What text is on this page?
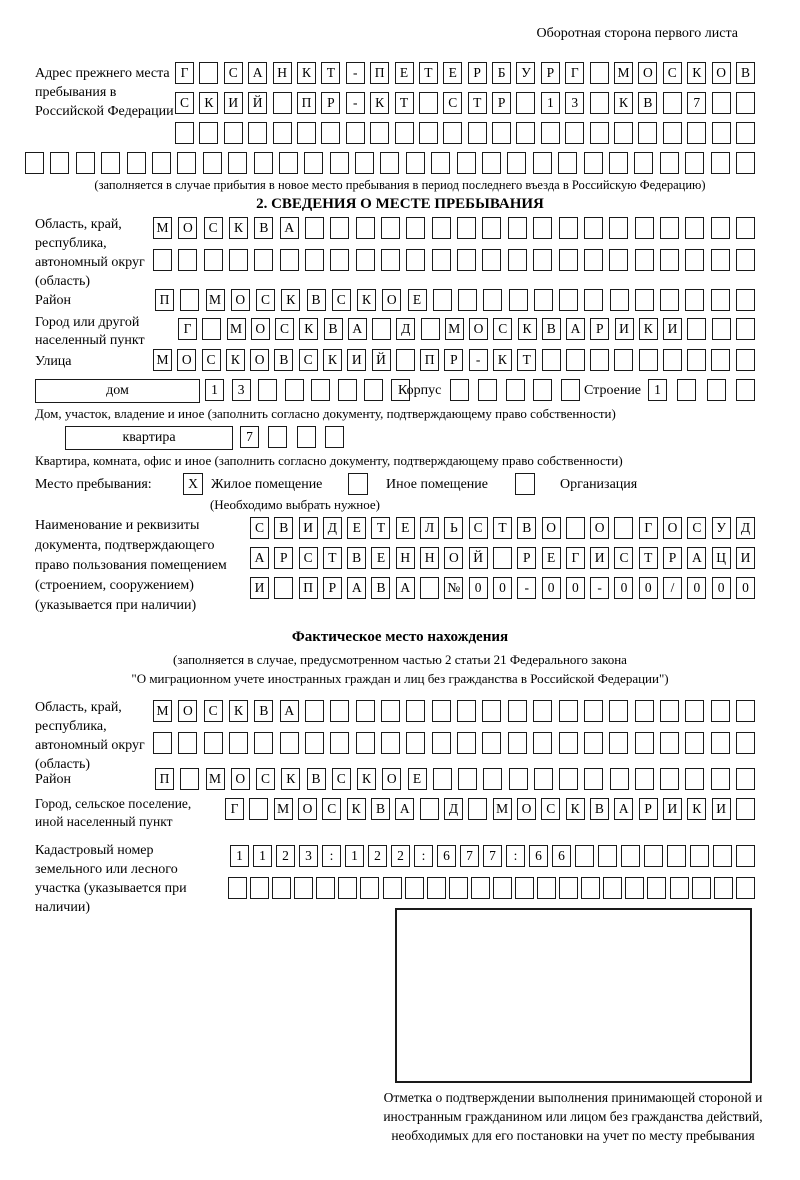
Оборотная сторона первого листа
Адрес прежнего места пребывания в Российской Федерации
Г	С	А	Н	К	Т	-	П	Е	Т	Е	Р	Б	У	Р	Г	М	О	С	К	О	В
С	К	И	Й	П	Р	-	К	Т	С	Т	Р	1	3	К	В	7
(заполняется в случае прибытия в новое место пребывания в период последнего въезда в Российскую Федерацию)
2. СВЕДЕНИЯ О МЕСТЕ ПРЕБЫВАНИЯ
Область, край, республика, автономный округ (область)
М	О	С	К	В	А
Район	П	М	О	С	К	В	С	К	О	Е
Город или другой населенный пункт
Г	М О	С	К	В	А	Д	М О	С	К	В	А	Р	И	К	И
Улица	М О	С	К	О	В	С	К	И	Й	П	Р	-	К	Т
дом	1	3	Корпус	Строение 1
Дом, участок, владение и иное (заполнить согласно документу, подтверждающему право собственности)
квартира	7
Квартира, комната, офис и иное (заполнить согласно документу, подтверждающему право собственности)
Место пребывания:	X Жилое помещение	Иное помещение	Организация
(Необходимо выбрать нужное)
Наименование и реквизиты документа, подтверждающего право пользования помещением (строением, сооружением) (указывается при наличии)
С	В	И	Д	Е	Т	Е	Л	Ь	С	Т	В	О	О	Г	О	С	У	Д
А	Р	С	Т	В	Е	Н	Н	О	Й	Р	Е	Г	И	С	Т	Р	А	Ц	И
И	П	Р	А	В	А	№	0	0	-	0	0	-	0	0	/	0	0	0
Фактическое место нахождения
(заполняется в случае, предусмотренном частью 2 статьи 21 Федерального закона
"О миграционном учете иностранных граждан и лиц без гражданства в Российской Федерации")
Область, край, республика, автономный округ (область)
М	О	С	К	В	А
Район	П	М	О	С	К	В	С	К	О	Е
Город, сельское поселение, иной населенный пункт
Г	М О	С	К	В	А	Д	М О	С	К	В	А	Р	И	К	И
Кадастровый номер земельного или лесного участка (указывается при наличии)
1	1	2	3	:	1	2	2	:	6	7	7	:	6	6
Отметка о подтверждении выполнения принимающей стороной и иностранным гражданином или лицом без гражданства действий, необходимых для его постановки на учет по месту пребывания
